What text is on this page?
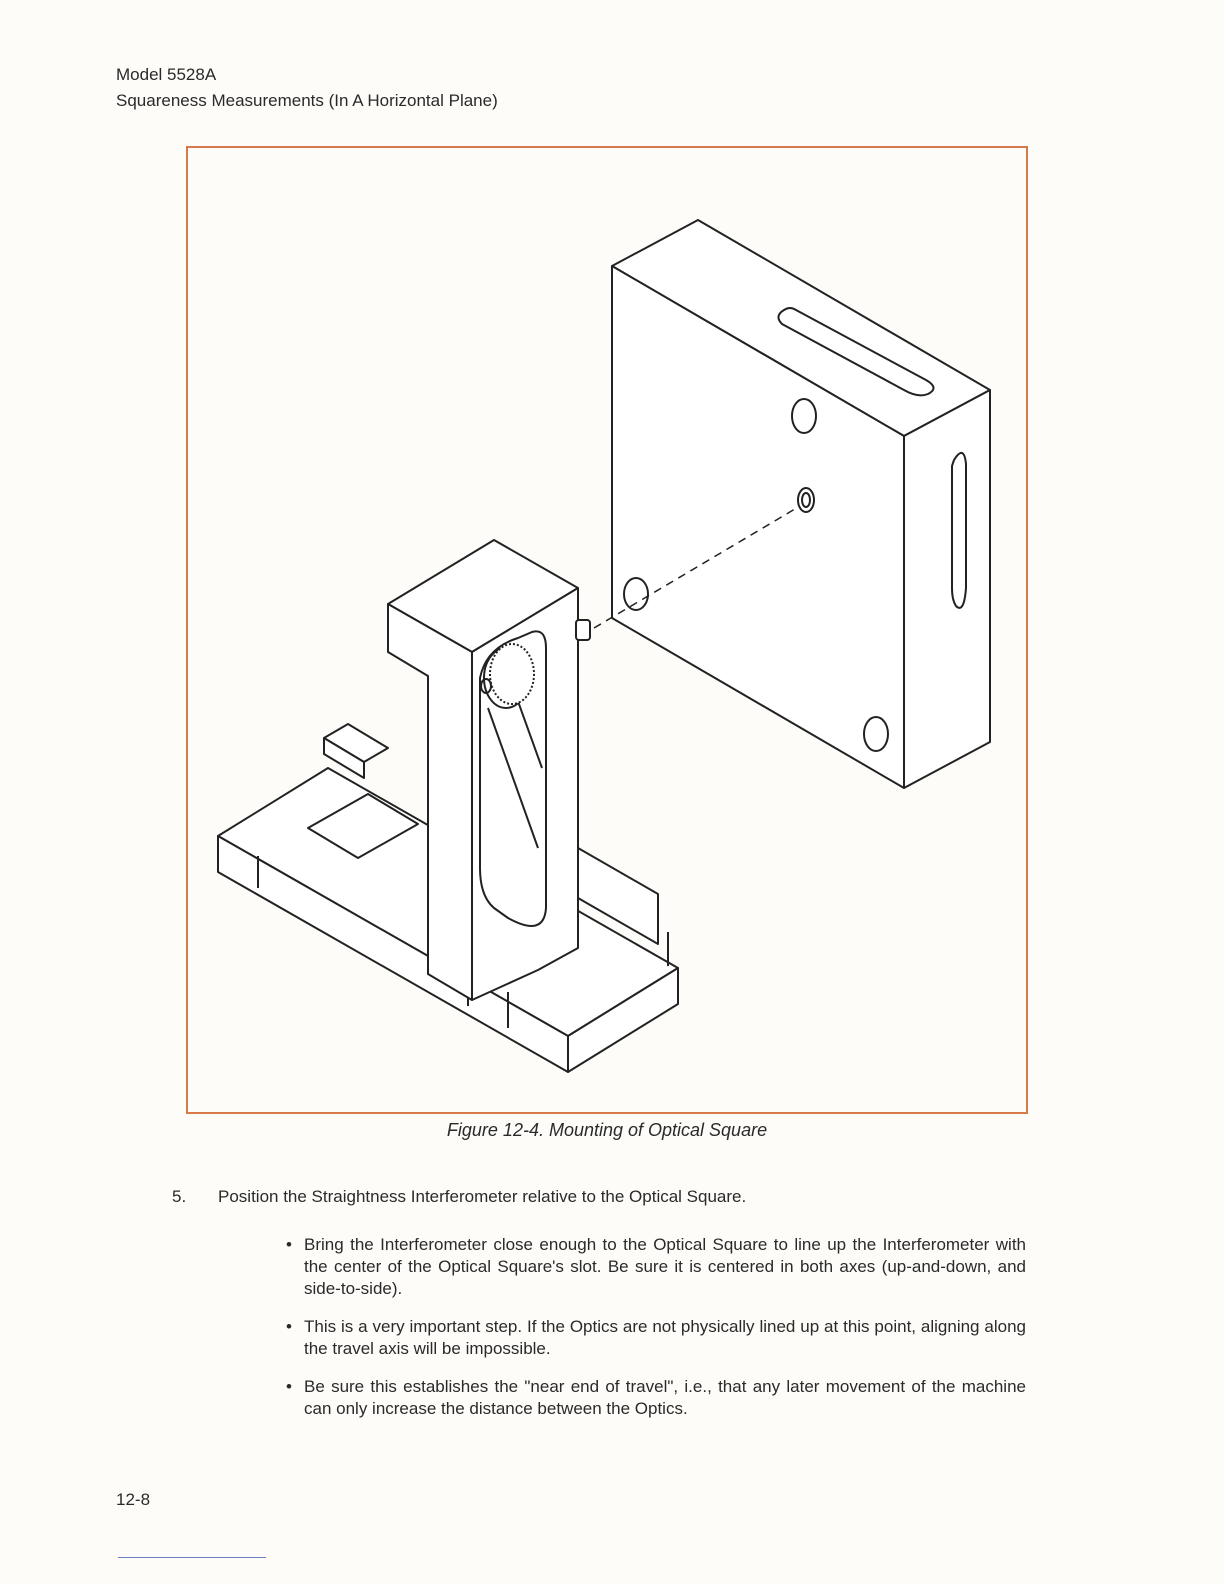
Model 5528A
Squareness Measurements (In A Horizontal Plane)
Figure 12-4. Mounting of Optical Square
5. Position the Straightness Interferometer relative to the Optical Square.
• Bring the Interferometer close enough to the Optical Square to line up the Interferometer with the center of the Optical Square's slot. Be sure it is centered in both axes (up-and-down, and side-to-side).
• This is a very important step. If the Optics are not physically lined up at this point, aligning along the travel axis will be impossible.
• Be sure this establishes the "near end of travel", i.e., that any later movement of the machine can only increase the distance between the Optics.
12-8
